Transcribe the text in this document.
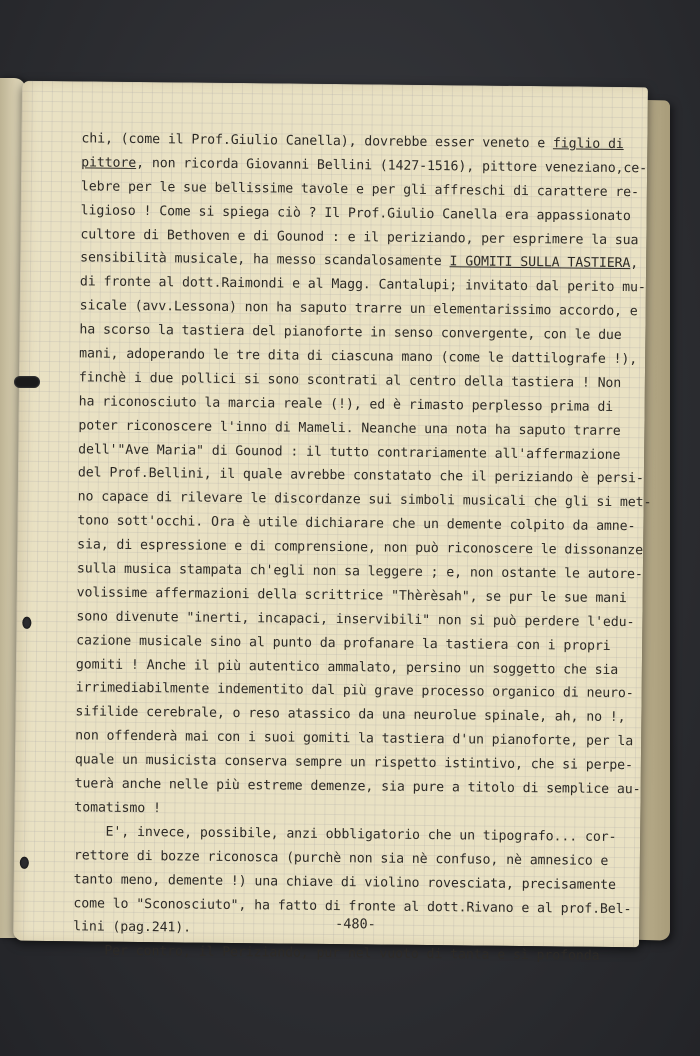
chi, (come il Prof.Giulio Canella), dovrebbe esser veneto e figlio di
pittore, non ricorda Giovanni Bellini (1427-1516), pittore veneziano,ce-
lebre per le sue bellissime tavole e per gli affreschi di carattere re-
ligioso ! Come si spiega ciò ? Il Prof.Giulio Canella era appassionato
cultore di Bethoven e di Gounod : e il periziando, per esprimere la sua
sensibilità musicale, ha messo scandalosamente I GOMITI SULLA TASTIERA,
di fronte al dott.Raimondi e al Magg. Cantalupi; invitato dal perito mu-
sicale (avv.Lessona) non ha saputo trarre un elementarissimo accordo, e
ha scorso la tastiera del pianoforte in senso convergente, con le due
mani, adoperando le tre dita di ciascuna mano (come le dattilografe !),
finchè i due pollici si sono scontrati al centro della tastiera ! Non
ha riconosciuto la marcia reale (!), ed è rimasto perplesso prima di
poter riconoscere l'inno di Mameli. Neanche una nota ha saputo trarre
dell'"Ave Maria" di Gounod : il tutto contrariamente all'affermazione
del Prof.Bellini, il quale avrebbe constatato che il periziando è persi-
no capace di rilevare le discordanze sui simboli musicali che gli si met-
tono sott'occhi. Ora è utile dichiarare che un demente colpito da amne-
sia, di espressione e di comprensione, non può riconoscere le dissonanze
sulla musica stampata ch'egli non sa leggere ; e, non ostante le autore-
volissime affermazioni della scrittrice "Thèrèsah", se pur le sue mani
sono divenute "inerti, incapaci, inservibili" non si può perdere l'edu-
cazione musicale sino al punto da profanare la tastiera con i propri
gomiti ! Anche il più autentico ammalato, persino un soggetto che sia
irrimediabilmente indementito dal più grave processo organico di neuro-
sifilide cerebrale, o reso atassico da una neurolue spinale, ah, no !,
non offenderà mai con i suoi gomiti la tastiera d'un pianoforte, per la
quale un musicista conserva sempre un rispetto istintivo, che si perpe-
tuerà anche nelle più estreme demenze, sia pure a titolo di semplice au-
tomatismo !
E', invece, possibile, anzi obbligatorio che un tipografo... cor-
rettore di bozze riconosca (purchè non sia nè confuso, nè amnesico e
tanto meno, demente !) una chiave di violino rovesciata, precisamente
come lo "Sconosciuto", ha fatto di fronte al dott.Rivano e al prof.Bel-
lini (pag.241).
Per contro, il Periziando, pur nel vuoto di tanta e sì profonda
-480-
